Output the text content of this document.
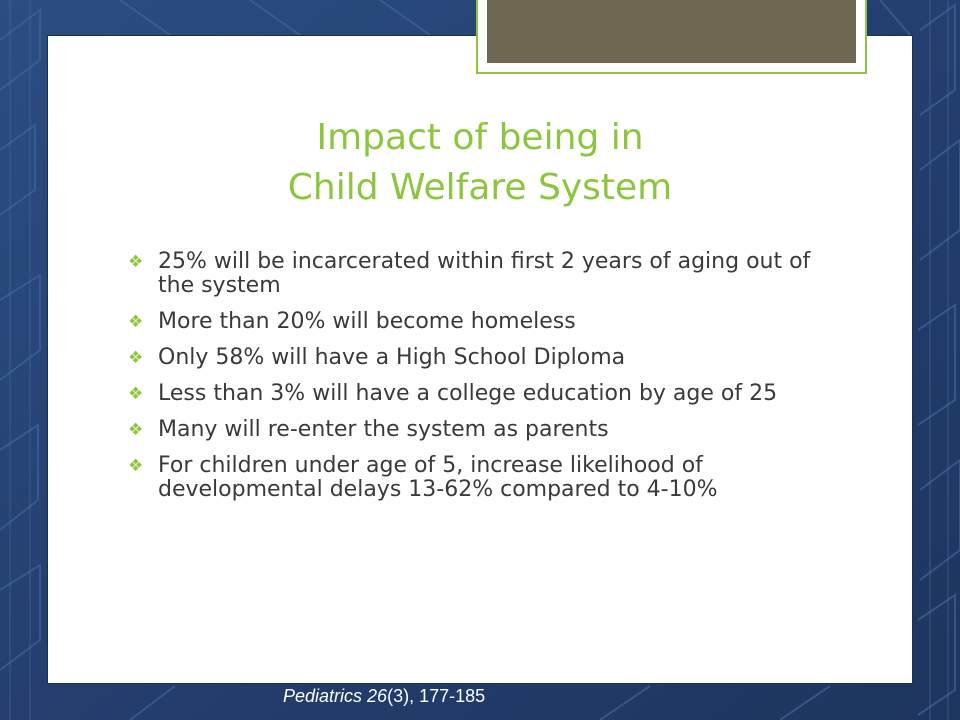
Impact of being in
Child Welfare System
❖ 25% will be incarcerated within first 2 years of aging out of the system
❖ More than 20% will become homeless
❖ Only 58% will have a High School Diploma
❖ Less than 3% will have a college education by age of 25
❖ Many will re-enter the system as parents
❖ For children under age of 5, increase likelihood of developmental delays 13-62% compared to 4-10%

Pediatrics 26(3), 177-185
